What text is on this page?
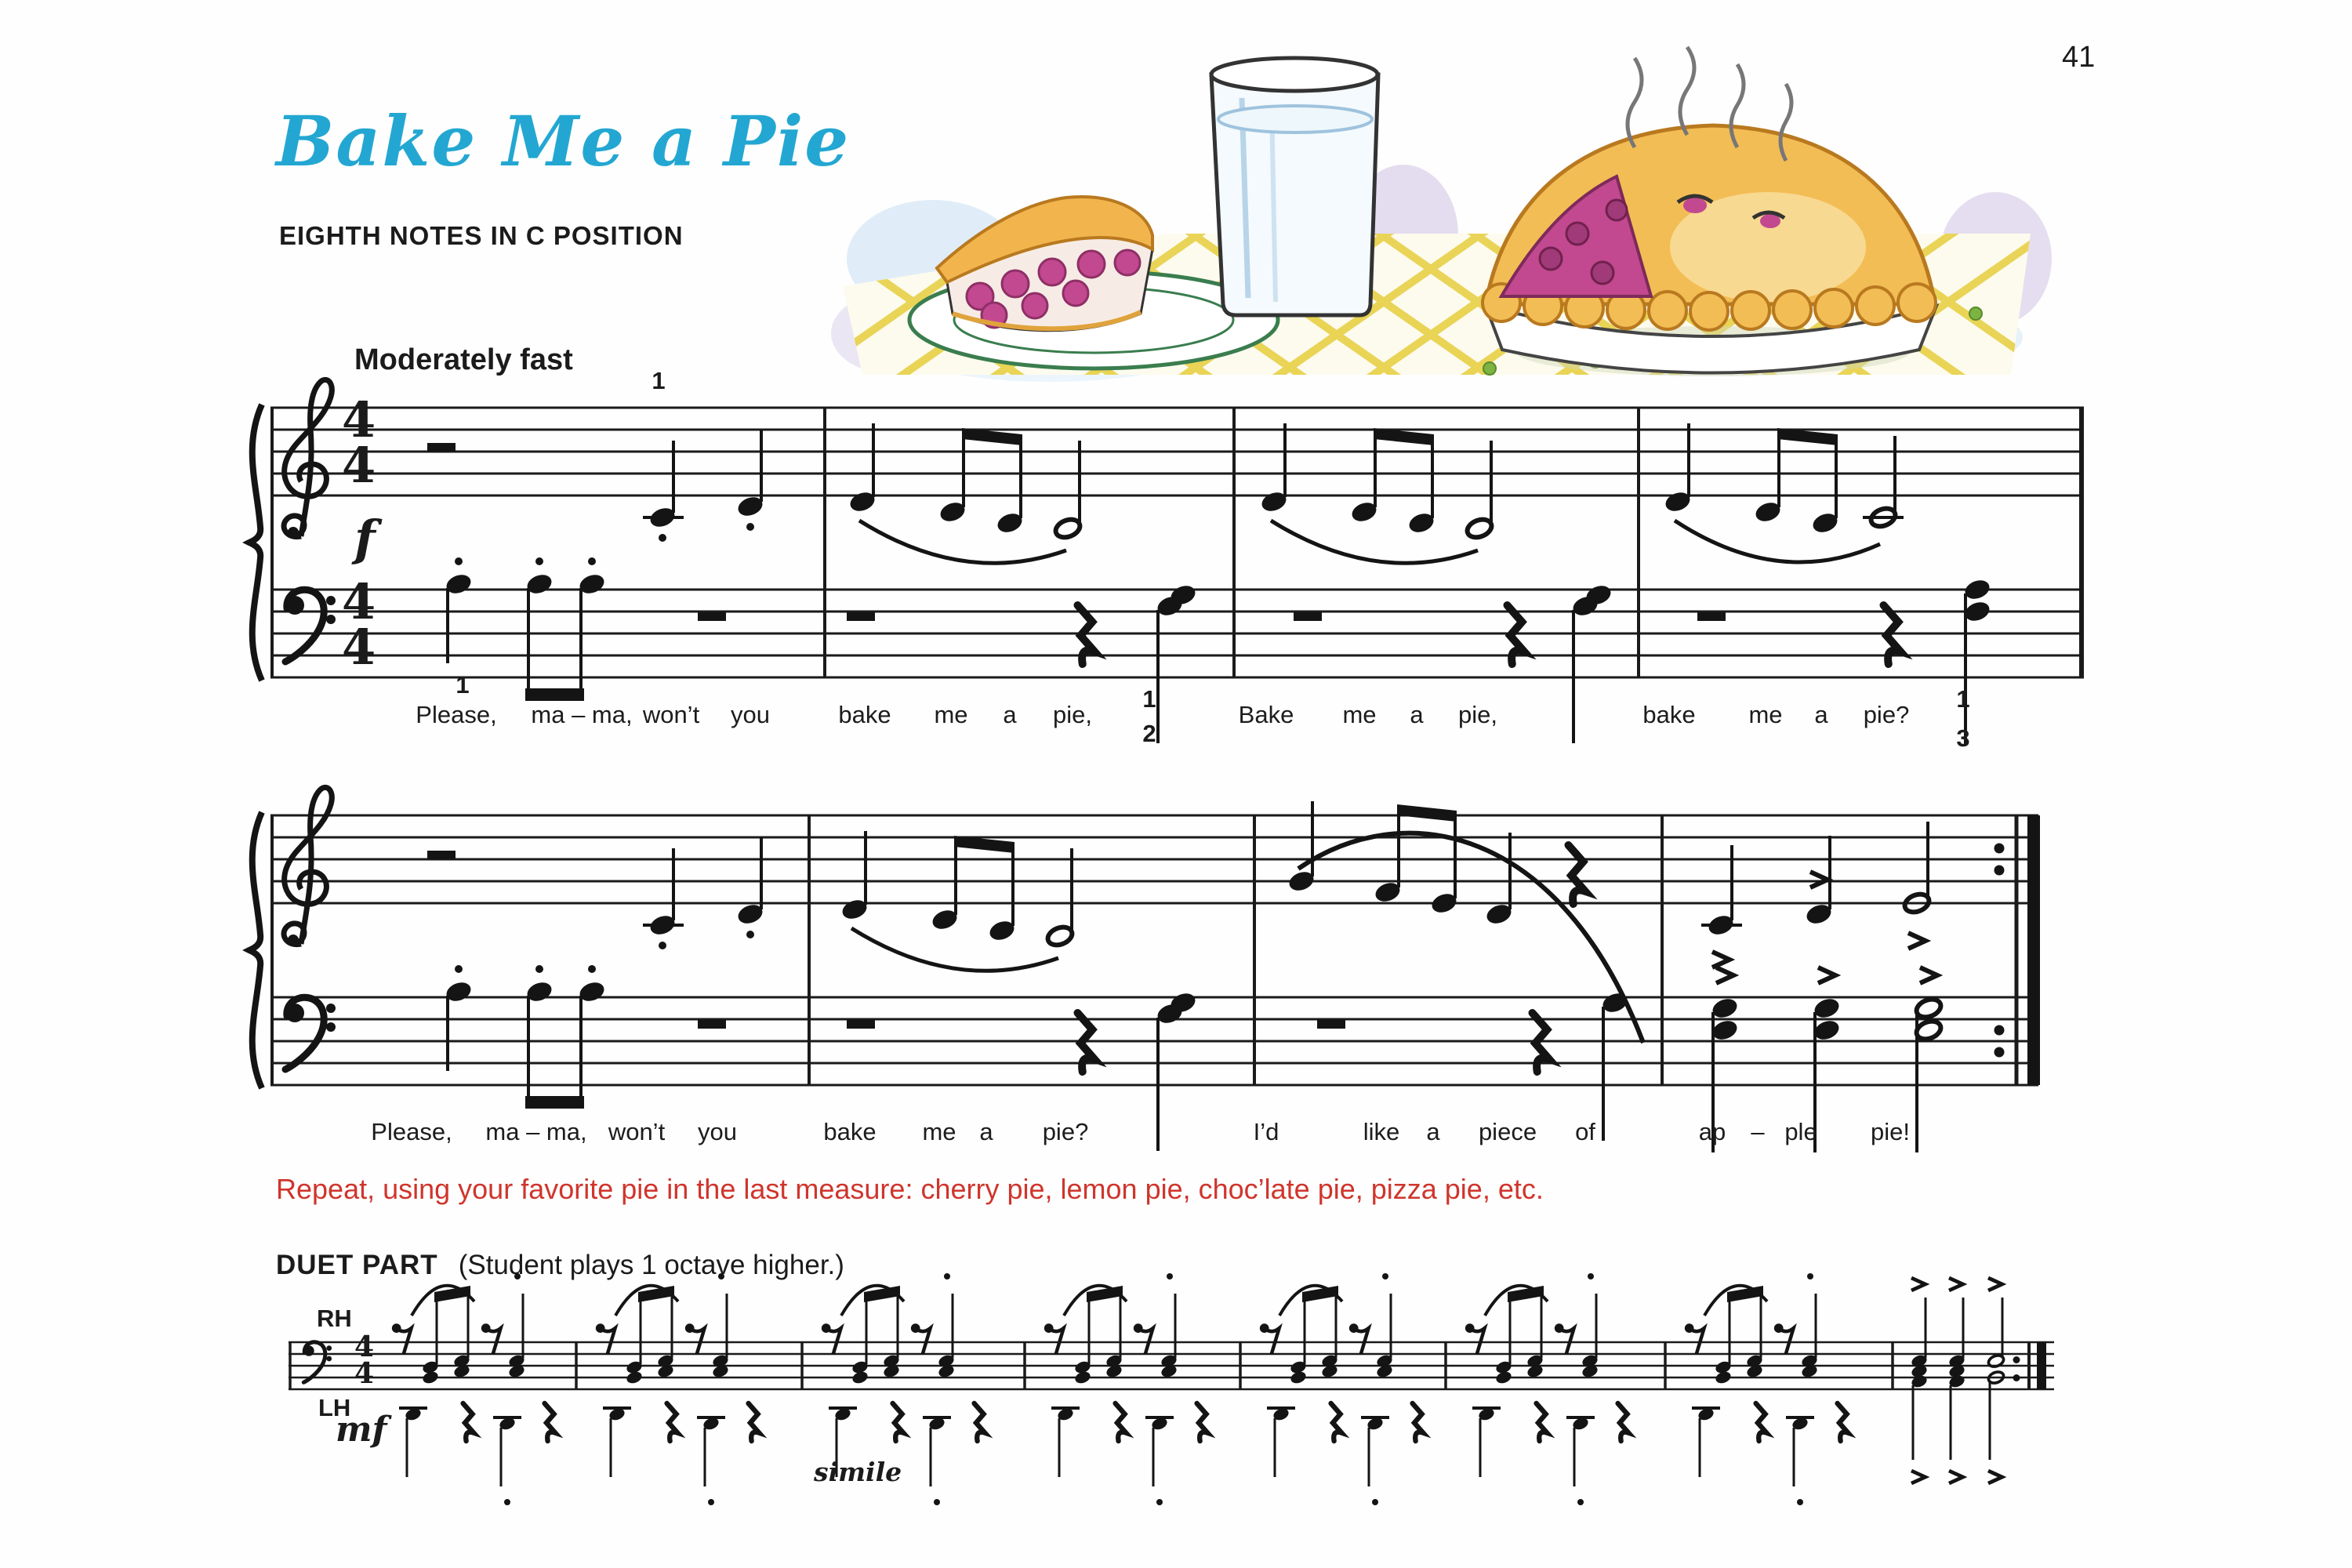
41
Bake Me a Pie
EIGHTH NOTES IN C POSITION
Moderately fast
f
4
4
4
4
4
4
Please, ma – ma, won’t you	bake me a pie,	Bake me a pie,	bake me a pie?
Please, ma – ma, won’t you	bake me a pie?	I’d	like a piece of	ap – ple pie!
1
1
1
2
1
3
Repeat, using your favorite pie in the last measure: cherry pie, lemon pie, choc’late pie, pizza pie, etc.
DUET PART (Student plays 1 octave higher.)
RH
LH
mf
simile
